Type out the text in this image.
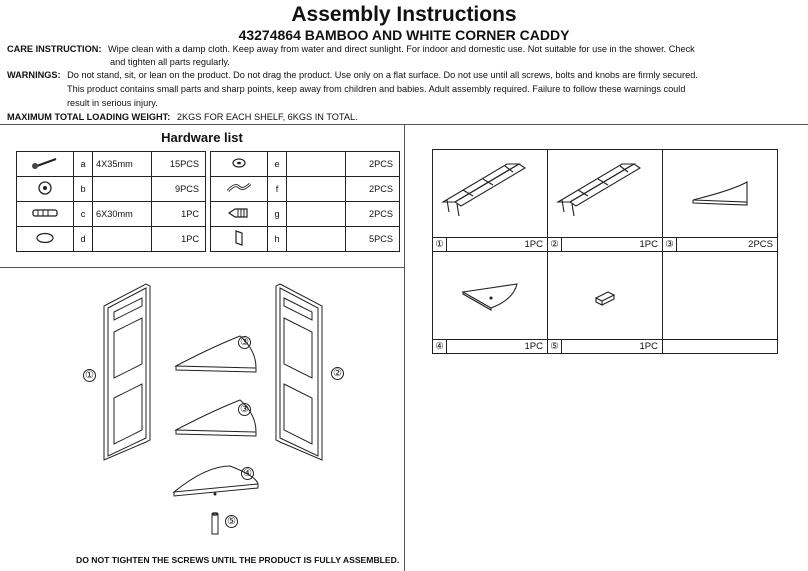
Assembly Instructions
43274864 BAMBOO AND WHITE CORNER CADDY
CARE INSTRUCTION: Wipe clean with a damp cloth. Keep away from water and direct sunlight. For indoor and domestic use. Not suitable for use in the shower. Check
and tighten all parts regularly.
WARNINGS: Do not stand, sit, or lean on the product. Do not drag the product. Use only on a flat surface. Do not use until all screws, bolts and knobs are firmly secured.
This product contains small parts and sharp points, keep away from children and babies. Adult assembly required. Failure to follow these warnings could
result in serious injury.
MAXIMUM TOTAL LOADING WEIGHT: 2KGS FOR EACH SHELF, 6KGS IN TOTAL.
Hardware list
	a	4X35mm	15PCS
	b		9PCS
	c	6X30mm	1PC
	d		1PC
	e		2PCS
	f		2PCS
	g		2PCS
	h		5PCS
			① 1PC	② 1PC	③ 2PCS

④ 1PC	⑤ 1PC	

①	②
③
③
④
⑤
DO NOT TIGHTEN THE SCREWS UNTIL THE PRODUCT IS FULLY ASSEMBLED.
